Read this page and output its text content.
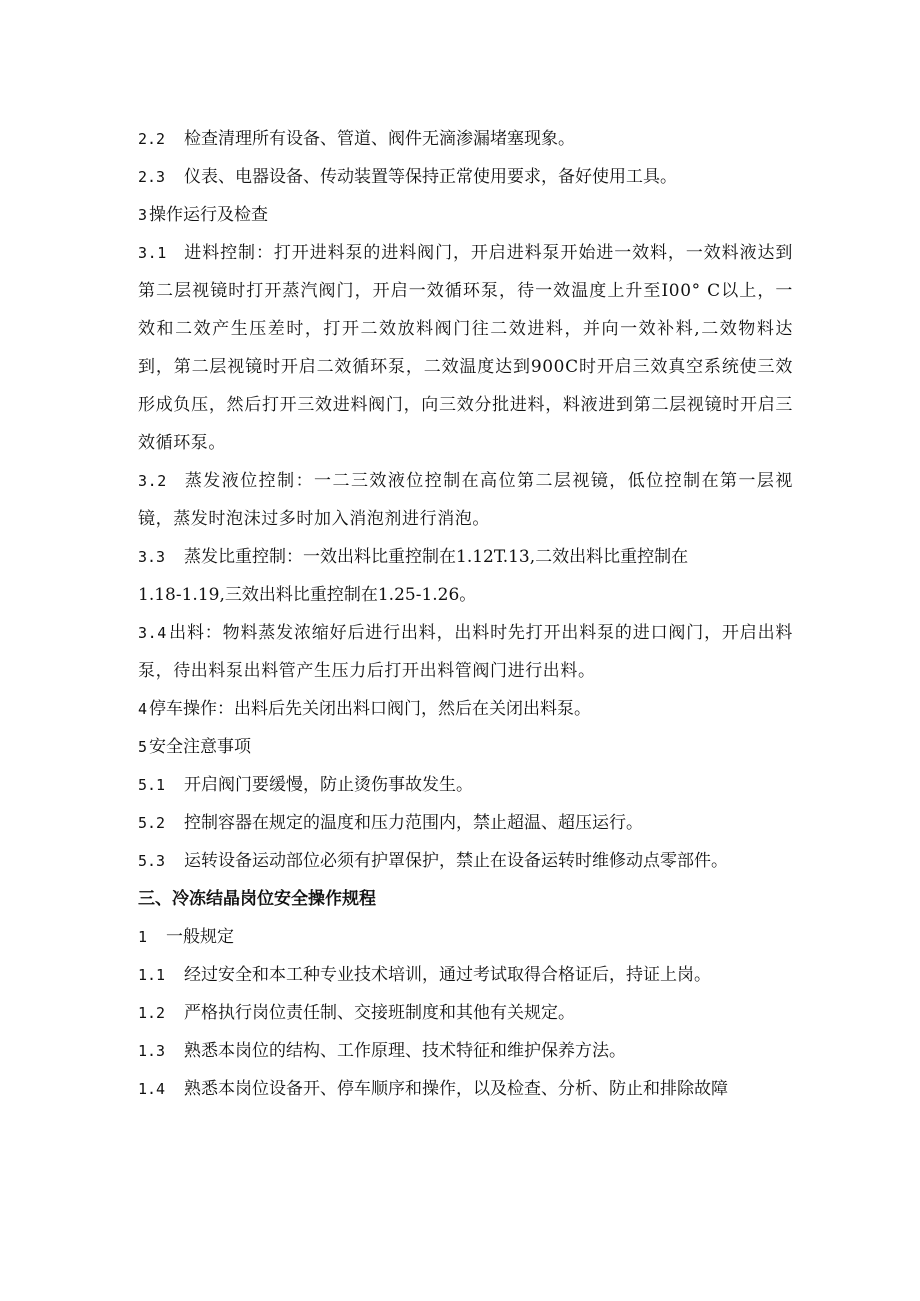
2.2 检查清理所有设备、管道、阀件无滴渗漏堵塞现象。
2.3 仪表、电器设备、传动装置等保持正常使用要求，备好使用工具。
3 操作运行及检查
3.1 进料控制：打开进料泵的进料阀门，开启进料泵开始进一效料，一效料液达到第二层视镜时打开蒸汽阀门，开启一效循环泵，待一效温度上升至I00° C以上，一效和二效产生压差时，打开二效放料阀门往二效进料，并向一效补料,二效物料达到，第二层视镜时开启二效循环泵，二效温度达到900C时开启三效真空系统使三效形成负压，然后打开三效进料阀门，向三效分批进料，料液进到第二层视镜时开启三效循环泵。
3.2 蒸发液位控制：一二三效液位控制在高位第二层视镜，低位控制在第一层视镜，蒸发时泡沫过多时加入消泡剂进行消泡。
3.3 蒸发比重控制：一效出料比重控制在1.12T.13,二效出料比重控制在
1.18-1.19,三效出料比重控制在1.25-1.26。
3.4 出料：物料蒸发浓缩好后进行出料，出料时先打开出料泵的进口阀门，开启出料泵，待出料泵出料管产生压力后打开出料管阀门进行出料。
4 停车操作：出料后先关闭出料口阀门，然后在关闭出料泵。
5 安全注意事项
5.1 开启阀门要缓慢，防止烫伤事故发生。
5.2 控制容器在规定的温度和压力范围内，禁止超温、超压运行。
5.3 运转设备运动部位必须有护罩保护，禁止在设备运转时维修动点零部件。
三、冷冻结晶岗位安全操作规程
1 一般规定
1.1 经过安全和本工种专业技术培训，通过考试取得合格证后，持证上岗。
1.2 严格执行岗位责任制、交接班制度和其他有关规定。
1.3 熟悉本岗位的结构、工作原理、技术特征和维护保养方法。
1.4 熟悉本岗位设备开、停车顺序和操作，以及检查、分析、防止和排除故障
